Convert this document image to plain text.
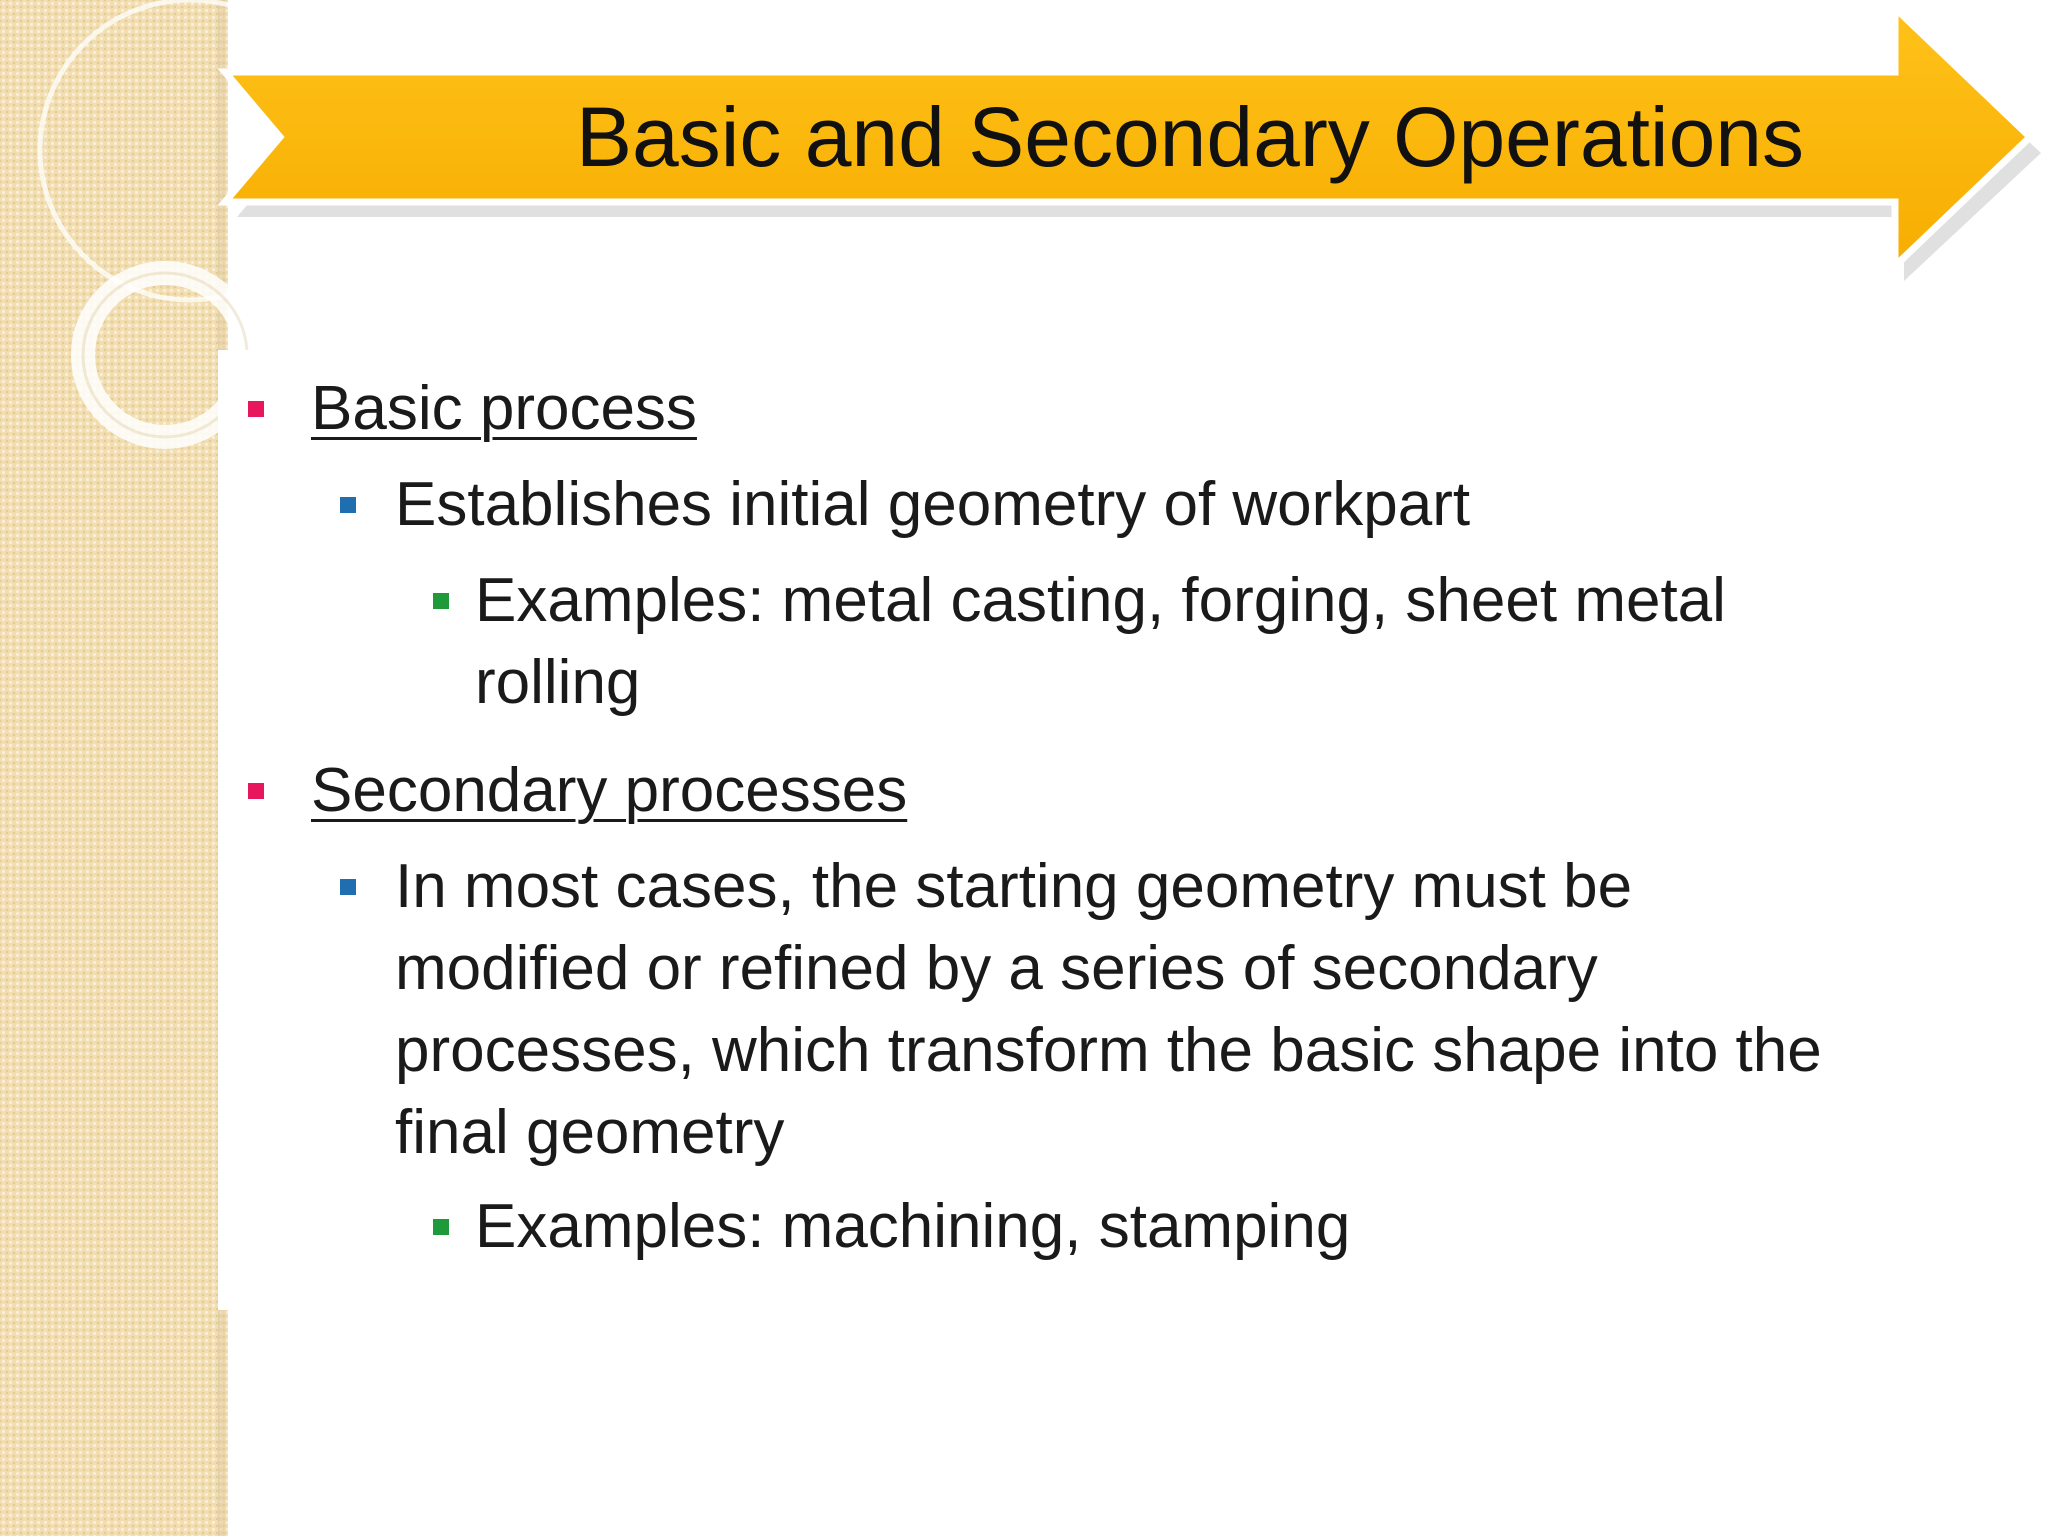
Basic process
Establishes initial geometry of workpart
Examples: metal casting, forging, sheet metal rolling
Secondary processes
In most cases, the starting geometry must be modified or refined by a series of secondary processes, which transform the basic shape into the final geometry
Examples: machining, stamping
Basic and Secondary Operations
